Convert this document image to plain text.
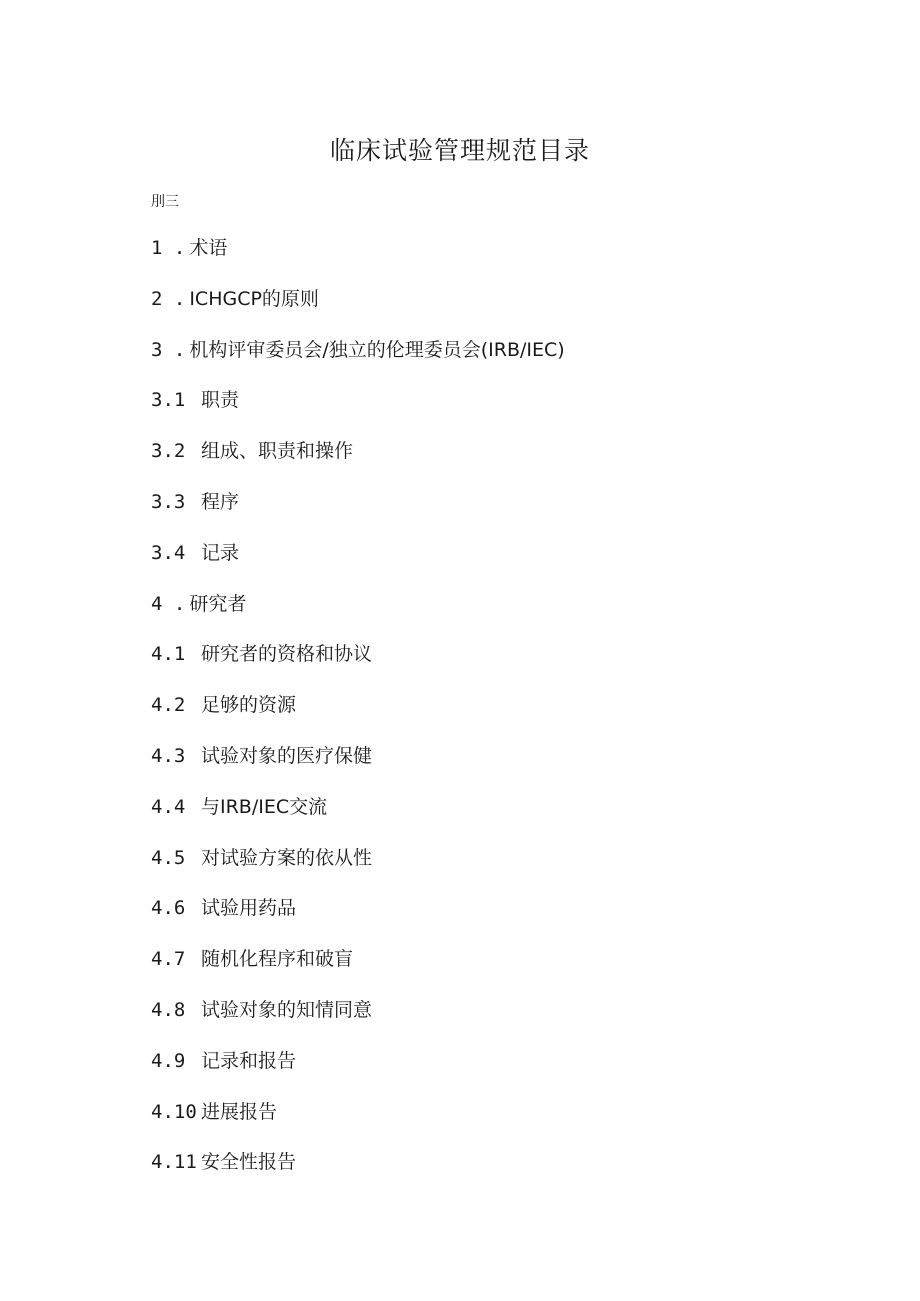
临床试验管理规范目录
刖三
1 . 术语
2 . ICHGCP的原则
3 . 机构评审委员会/独立的伦理委员会(IRB/IEC)
3.1 职责
3.2 组成、职责和操作
3.3 程序
3.4 记录
4 . 研究者
4.1 研究者的资格和协议
4.2 足够的资源
4.3 试验对象的医疗保健
4.4 与IRB/IEC交流
4.5 对试验方案的依从性
4.6 试验用药品
4.7 随机化程序和破盲
4.8 试验对象的知情同意
4.9 记录和报告
4.10 进展报告
4.11 安全性报告
